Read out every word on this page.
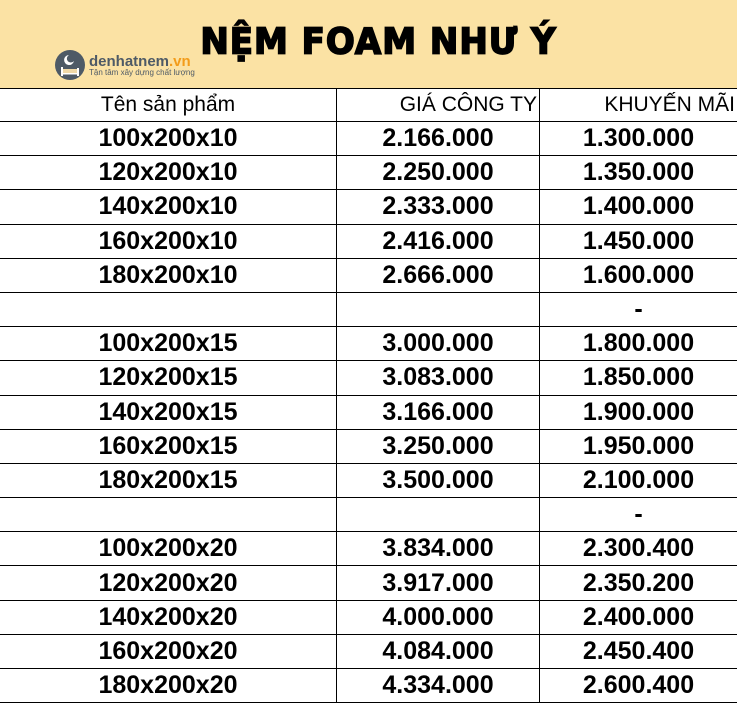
NỆM FOAM NHƯ Ý
denhatnem.vn
Tận tâm xây dựng chất lượng
Tên sản phẩm	GIÁ CÔNG TY	KHUYẾN MÃI
100x200x10	2.166.000	1.300.000
120x200x10	2.250.000	1.350.000
140x200x10	2.333.000	1.400.000
160x200x10	2.416.000	1.450.000
180x200x10	2.666.000	1.600.000
		-
100x200x15	3.000.000	1.800.000
120x200x15	3.083.000	1.850.000
140x200x15	3.166.000	1.900.000
160x200x15	3.250.000	1.950.000
180x200x15	3.500.000	2.100.000
		-
100x200x20	3.834.000	2.300.400
120x200x20	3.917.000	2.350.200
140x200x20	4.000.000	2.400.000
160x200x20	4.084.000	2.450.400
180x200x20	4.334.000	2.600.400
